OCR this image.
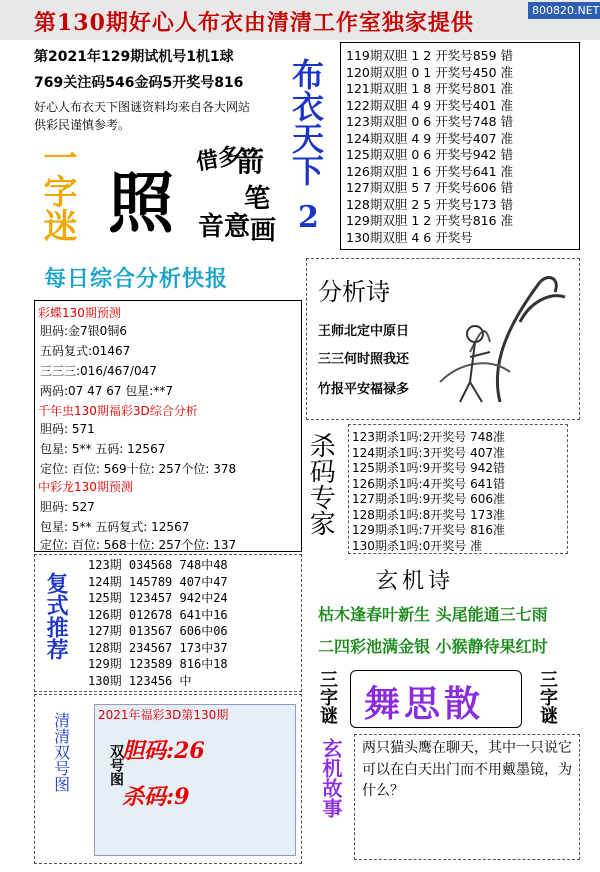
第130期好心人布衣由清清工作室独家提供	800820.NET
第2021年129期试机号1机1球
769关注码546金码5开奖号816
好心人布衣天下图谜资料均来自各大网站
供彩民谨慎参考。
一字迷 照
借多
箭
笔
音 意 画
119期双胆 1 2 开奖号859 错
120期双胆 0 1 开奖号450 准
121期双胆 1 8 开奖号801 准
122期双胆 4 9 开奖号401 准
123期双胆 0 6 开奖号748 错
124期双胆 4 9 开奖号407 准
125期双胆 0 6 开奖号942 错
126期双胆 1 6 开奖号641 准
127期双胆 5 7 开奖号606 错
128期双胆 2 5 开奖号173 错
129期双胆 1 2 开奖号816 准
130期双胆 4 6 开奖号
布衣天下
2
每日综合分析快报
彩蝶130期预测
胆码:金7银0铜6
五码复式:01467
三三三:016/467/047
两码:07 47 67 包星:**7
千年虫130期福彩3D综合分析
胆码: 571
包星: 5** 五码: 12567
定位: 百位: 569十位: 257个位: 378
中彩龙130期预测
胆码: 527
包星: 5** 五码复式: 12567
定位: 百位: 568十位: 257个位: 137
分析诗
王师北定中原日
三三何时照我还
竹报平安福禄多
杀码专家 123期杀1吗:2开奖号 748准
124期杀1吗:3开奖号 407准
125期杀1吗:9开奖号 942错
126期杀1吗:4开奖号 641错
127期杀1吗:9开奖号 606准
128期杀1吗:8开奖号 173准
129期杀1吗:7开奖号 816准
130期杀1吗:0开奖号 准
复式推荐
123期 034568 748中48
124期 145789 407中47
125期 123457 942中24
126期 012678 641中16
127期 013567 606中06
128期 234567 173中37
129期 123589 816中18
130期 123456 中
玄机诗
枯木逢春叶新生 头尾能通三七雨
二四彩池满金银 小猴静待果红时
三字谜	三字谜
舞思散
清清双号图 2021年福彩3D第130期
双号图
胆码:26
杀码:9	玄机故事 两只猫头鹰在聊天，其中一只说它可以在白天出门而不用戴墨镜，为什么？
